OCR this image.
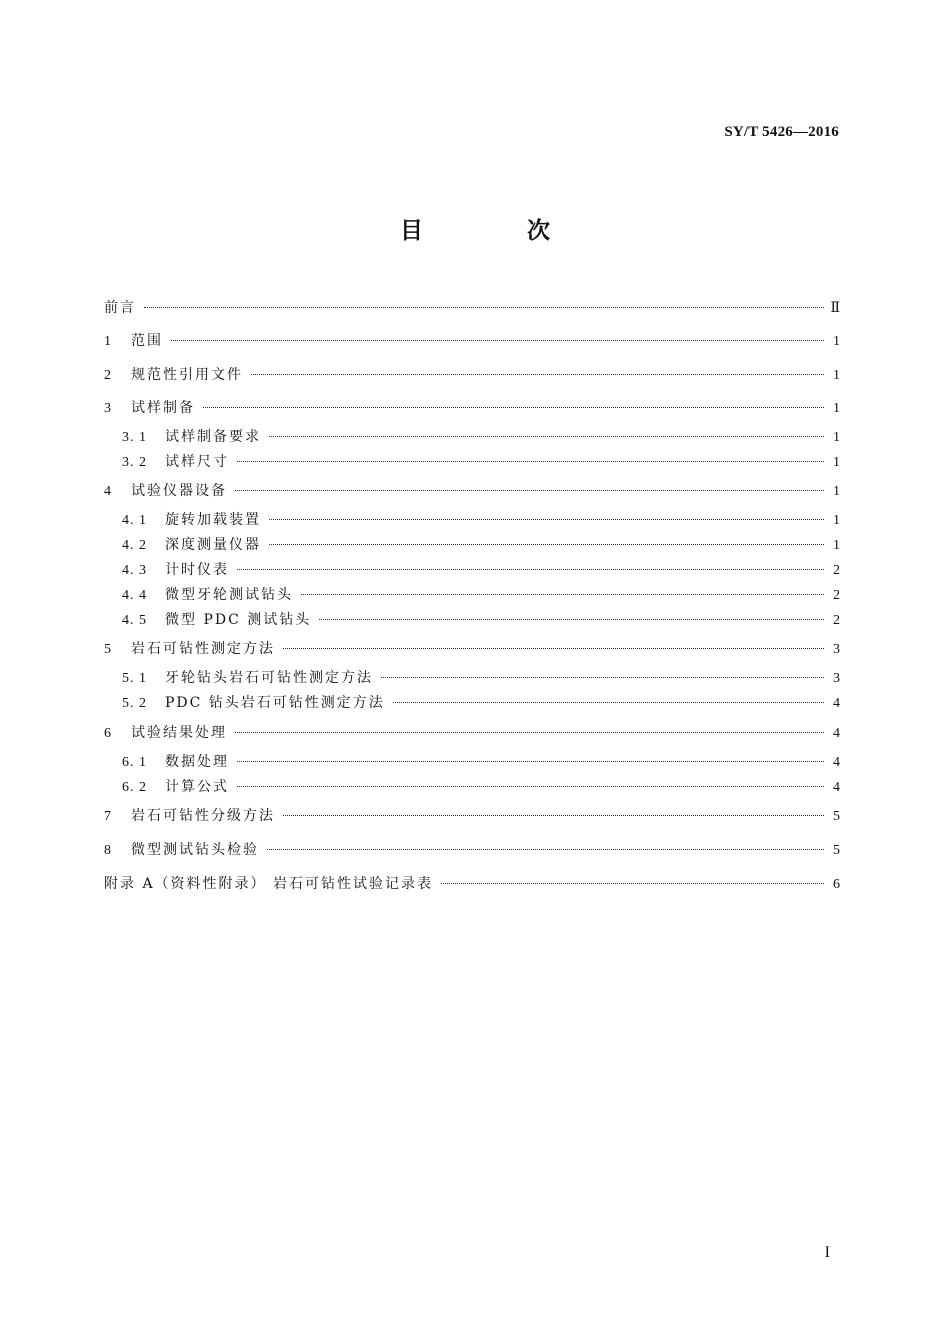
SY/T 5426—2016
目 次
前言	Ⅱ
1	范围	1
2	规范性引用文件	1
3	试样制备	1
3. 1	试样制备要求	1
3. 2	试样尺寸	1
4	试验仪器设备	1
4. 1	旋转加载装置	1
4. 2	深度测量仪器	1
4. 3	计时仪表	2
4. 4	微型牙轮测试钻头	2
4. 5	微型 PDC 测试钻头	2
5	岩石可钻性测定方法	3
5. 1	牙轮钻头岩石可钻性测定方法	3
5. 2	PDC 钻头岩石可钻性测定方法	4
6	试验结果处理	4
6. 1	数据处理	4
6. 2	计算公式	4
7	岩石可钻性分级方法	5
8	微型测试钻头检验	5
附录 A（资料性附录） 岩石可钻性试验记录表	6
I
